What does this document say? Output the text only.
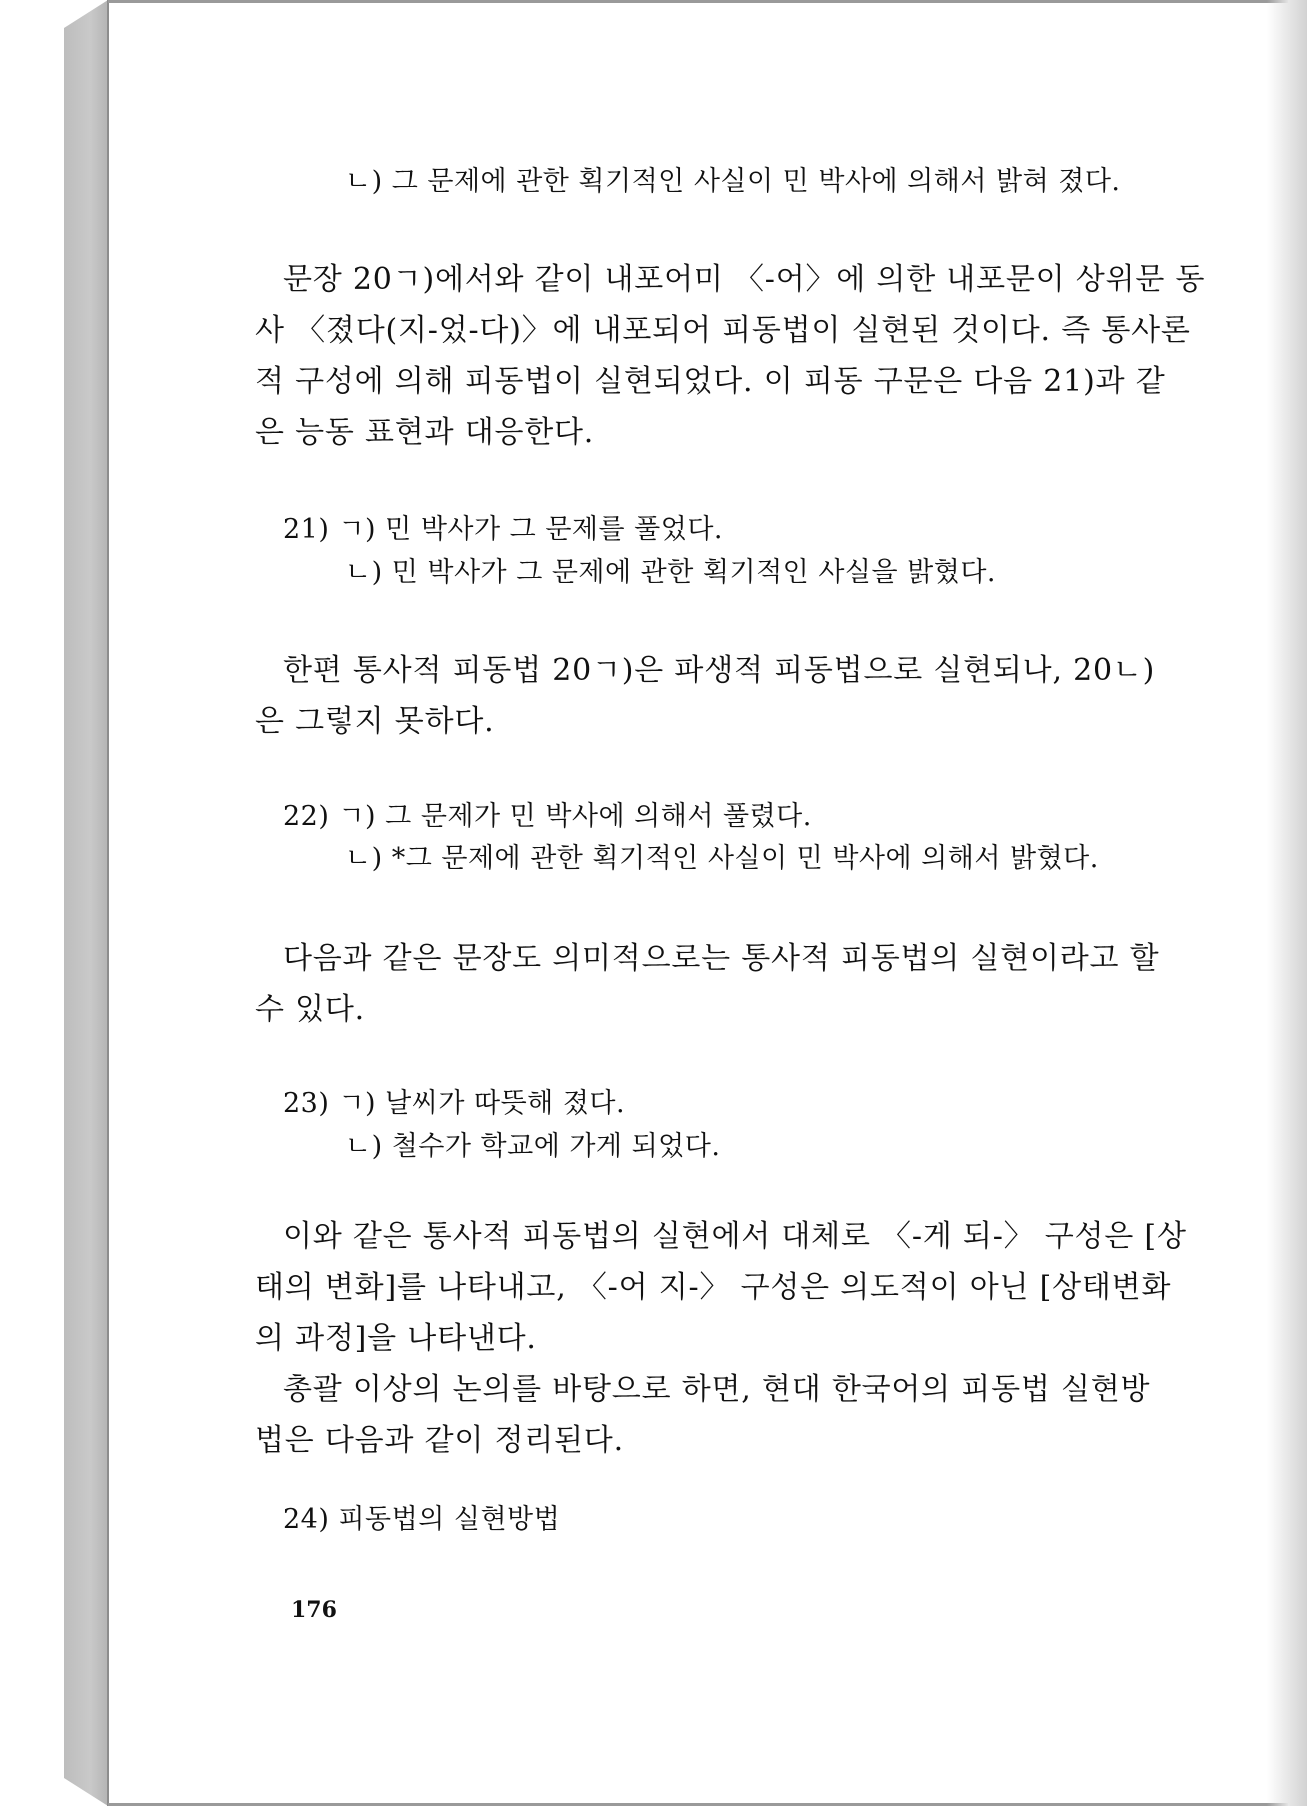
ㄴ) 그 문제에 관한 획기적인 사실이 민 박사에 의해서 밝혀 졌다.
문장 20ㄱ)에서와 같이 내포어미 〈-어〉에 의한 내포문이 상위문 동
사 〈졌다(지-었-다)〉에 내포되어 피동법이 실현된 것이다. 즉 통사론
적 구성에 의해 피동법이 실현되었다. 이 피동 구문은 다음 21)과 같
은 능동 표현과 대응한다.
21) ㄱ) 민 박사가 그 문제를 풀었다.
ㄴ) 민 박사가 그 문제에 관한 획기적인 사실을 밝혔다.
한편 통사적 피동법 20ㄱ)은 파생적 피동법으로 실현되나, 20ㄴ)
은 그렇지 못하다.
22) ㄱ) 그 문제가 민 박사에 의해서 풀렸다.
ㄴ) *그 문제에 관한 획기적인 사실이 민 박사에 의해서 밝혔다.
다음과 같은 문장도 의미적으로는 통사적 피동법의 실현이라고 할
수 있다.
23) ㄱ) 날씨가 따뜻해 졌다.
ㄴ) 철수가 학교에 가게 되었다.
이와 같은 통사적 피동법의 실현에서 대체로 〈-게 되-〉 구성은 [상
태의 변화]를 나타내고, 〈-어 지-〉 구성은 의도적이 아닌 [상태변화
의 과정]을 나타낸다.
총괄 이상의 논의를 바탕으로 하면, 현대 한국어의 피동법 실현방
법은 다음과 같이 정리된다.
24) 피동법의 실현방법
176
